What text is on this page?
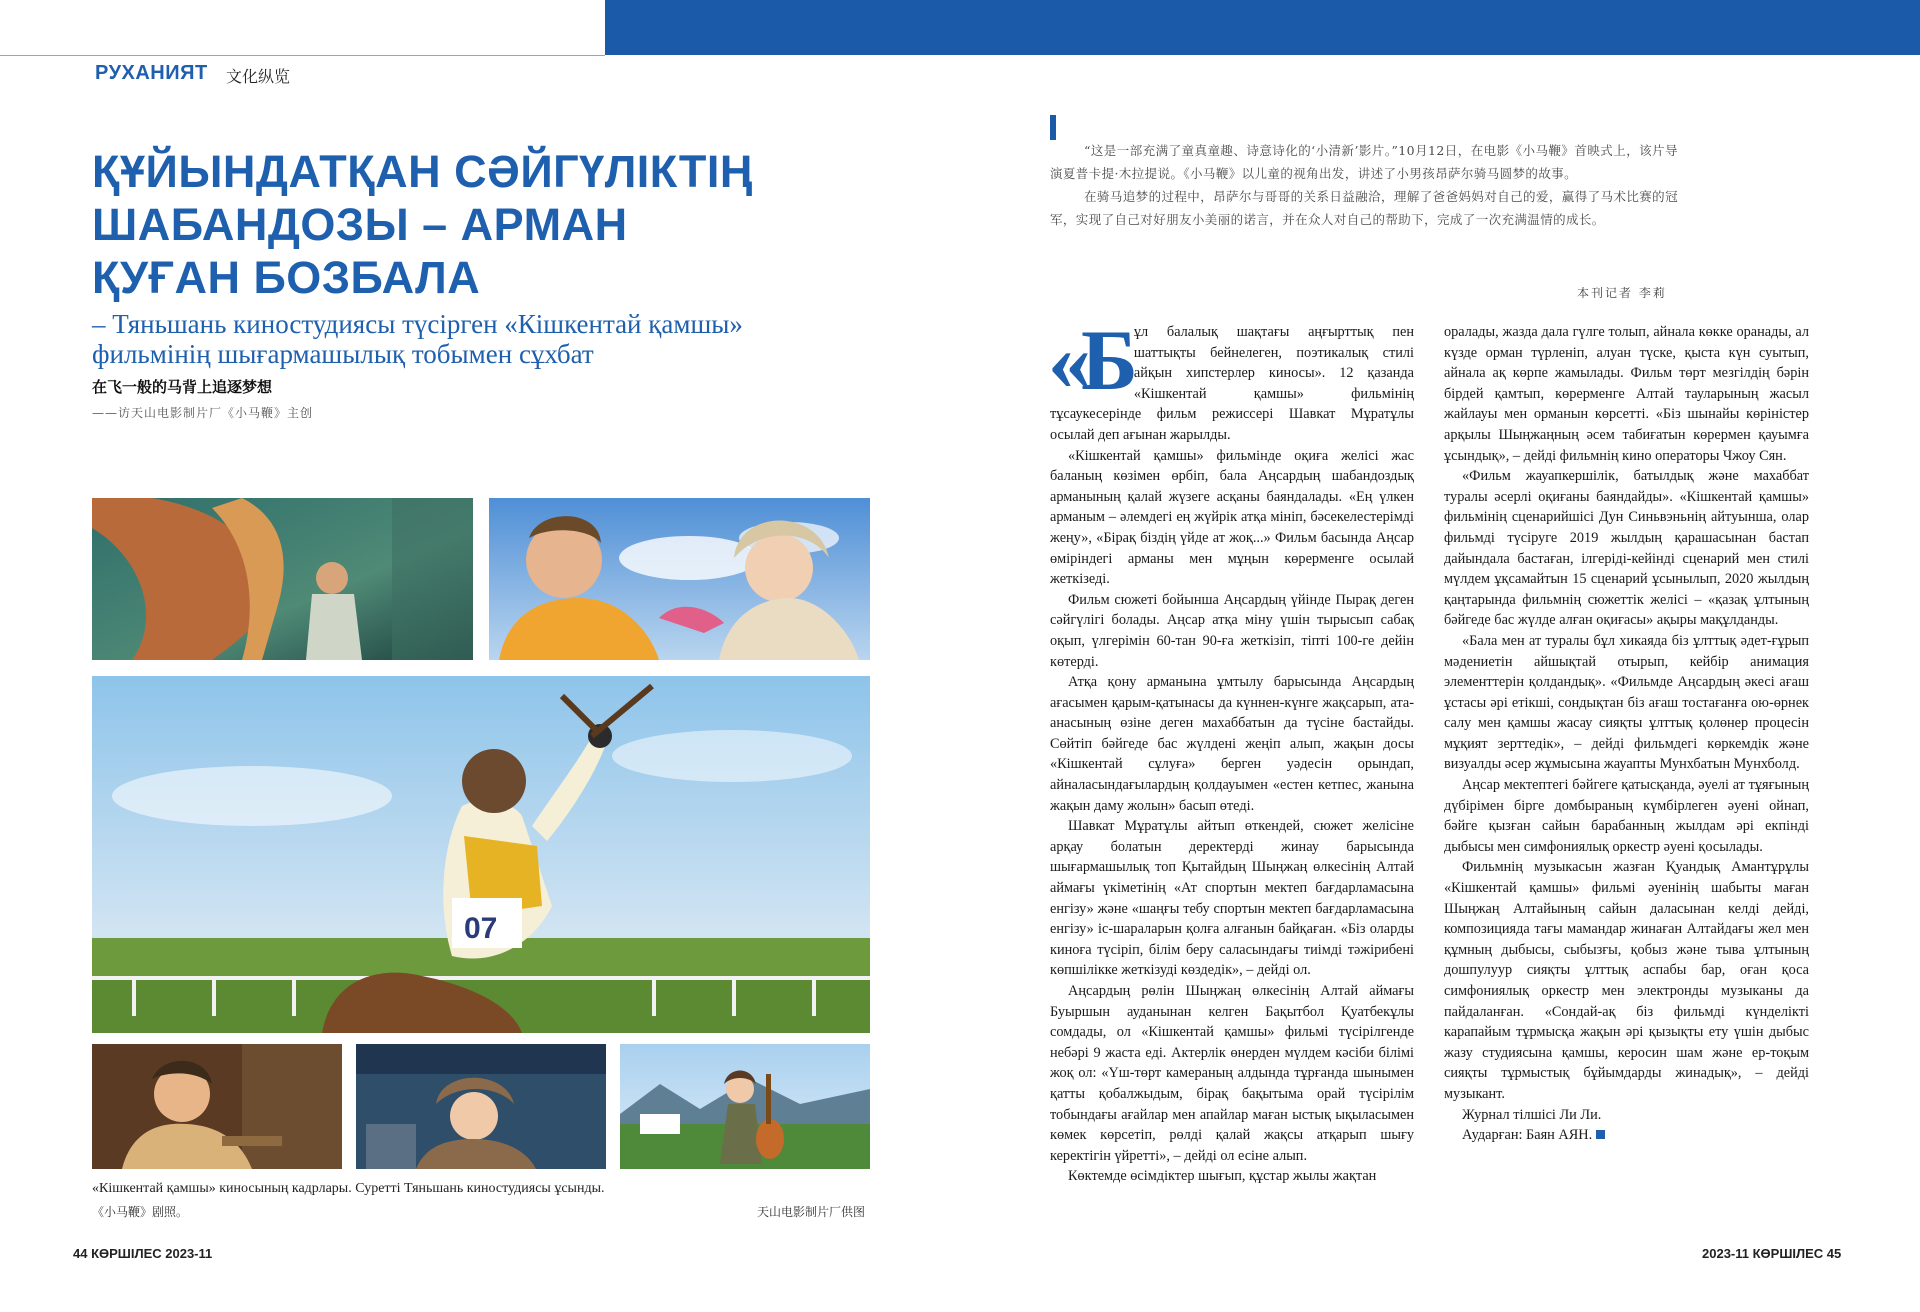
РУХАНИЯТ 文化纵览
ҚҰЙЫНДАТҚАН СӘЙГҮЛІКТІҢ
ШАБАНДОЗЫ – АРМАН
ҚУҒАН БОЗБАЛА
– Тяньшань киностудиясы түсірген «Кішкентай қамшы»
фильмінің шығармашылық тобымен сұхбат
在飞一般的马背上追逐梦想
——访天山电影制片厂《小马鞭》主创
07
«Кішкентай қамшы» киносының кадрлары. Суретті Тяньшань киностудиясы ұсынды.
《小马鞭》剧照。	天山电影制片厂供图
44 КӨРШІЛЕС 2023-11	2023-11 КӨРШІЛЕС 45
“这是一部充满了童真童趣、诗意诗化的‘小清新’影片。”10月12日，在电影《小马鞭》首映式上，该片导演夏普卡提·木拉提说。《小马鞭》以儿童的视角出发，讲述了小男孩昂萨尔骑马圆梦的故事。
在骑马追梦的过程中，昂萨尔与哥哥的关系日益融洽，理解了爸爸妈妈对自己的爱，赢得了马术比赛的冠军，实现了自己对好朋友小美丽的诺言，并在众人对自己的帮助下，完成了一次充满温情的成长。
本刊记者 李莉

«Бұл балалық шақтағы аңғырттық пен шаттықты бейнелеген, поэтикалық стилі айқын хипстерлер киносы». 12 қазанда «Кішкентай қамшы» фильмінің тұсаукесерінде фильм режиссері Шавкат Мұратұлы осылай деп ағынан жарылды.

«Кішкентай қамшы» фильмінде оқиға желісі жас баланың көзімен өрбіп, бала Аңсардың шабандоздық арманының қалай жүзеге асқаны баяндалады. «Ең үлкен арманым – әлемдегі ең жүйрік атқа мініп, бәсекелестерімді жеңу», «Бірақ біздің үйде ат жоқ...» Фильм басында Аңсар өміріндегі арманы мен мұңын көрерменге осылай жеткізеді.

Фильм сюжеті бойынша Аңсардың үйінде Пырақ деген сәйгүлігі болады. Аңсар атқа міну үшін тырысып сабақ оқып, үлгерімін 60-тан 90-ға жеткізіп, тіпті 100-ге дейін көтерді.

Атқа қону арманына ұмтылу барысында Аңсардың ағасымен қарым-қатынасы да күннен-күнге жақсарып, ата-анасының өзіне деген махаббатын да түсіне бастайды. Сөйтіп бәйгеде бас жүлдені жеңіп алып, жақын досы «Кішкентай сұлуға» берген уәдесін орындап, айналасындағылардың қолдауымен «естен кетпес, жанына жақын даму жолын» басып өтеді.

Шавкат Мұратұлы айтып өткендей, сюжет желісіне арқау болатын деректерді жинау барысында шығармашылық топ Қытайдың Шыңжаң өлкесінің Алтай аймағы үкіметінің «Ат спортын мектеп бағдарламасына енгізу» және «шаңғы тебу спортын мектеп бағдарламасына енгізу» іс-шараларын қолға алғанын байқаған. «Біз оларды киноға түсіріп, білім беру саласындағы тиімді тәжірибені көпшілікке жеткізуді көздедік», – дейді ол.

Аңсардың рөлін Шыңжаң өлкесінің Алтай аймағы Буыршын ауданынан келген Бақытбол Қуатбекұлы сомдады, ол «Кішкентай қамшы» фильмі түсірілгенде небәрі 9 жаста еді. Актерлік өнерден мүлдем кәсіби білімі жоқ ол: «Үш-төрт камераның алдында тұрғанда шынымен қатты қобалжыдым, бірақ бақытыма орай түсірілім тобындағы ағайлар мен апайлар маған ыстық ықыласымен көмек көрсетіп, рөлді қалай жақсы атқарып шығу керектігін үйретті», – дейді ол есіне алып.

Көктемде өсімдіктер шығып, құстар жылы жақтан

оралады, жазда дала гүлге толып, айнала көкке оранады, ал күзде орман түрленіп, алуан түске, қыста күн суытып, айнала ақ көрпе жамылады. Фильм төрт мезгілдің бәрін бірдей қамтып, көрерменге Алтай тауларының жасыл жайлауы мен орманын көрсетті. «Біз шынайы көріністер арқылы Шыңжаңның әсем табиғатын көрермен қауымға ұсындық», – дейді фильмнің кино операторы Чжоу Сян.

«Фильм жауапкершілік, батылдық және махаббат туралы әсерлі оқиғаны баяндайды». «Кішкентай қамшы» фильмінің сценарийшісі Дун Синьвэньнің айтуынша, олар фильмді түсіруге 2019 жылдың қарашасынан бастап дайындала бастаған, ілгеріді-кейінді сценарий мен стилі мүлдем ұқсамайтын 15 сценарий ұсынылып, 2020 жылдың қаңтарында фильмнің сюжеттік желісі – «қазақ ұлтының бәйгеде бас жүлде алған оқиғасы» ақыры мақұлданды.

«Бала мен ат туралы бұл хикаяда біз ұлттық әдет-ғұрып мәдениетін айшықтай отырып, кейбір анимация элементтерін қолдандық». «Фильмде Аңсардың әкесі ағаш ұстасы әрі етікші, сондықтан біз ағаш тостағанға ою-өрнек салу мен қамшы жасау сияқты ұлттық қолөнер процесін мұқият зерттедік», – дейді фильмдегі көркемдік және визуалды әсер жұмысына жауапты Мунхбатын Мунхболд.

Аңсар мектептегі бәйгеге қатысқанда, әуелі ат тұяғының дүбірімен бірге домбыраның күмбірлеген әуені ойнап, бәйге қызған сайын барабанның жылдам әрі екпінді дыбысы мен симфониялық оркестр әуені қосылады.

Фильмнің музыкасын жазған Қуандық Амантұрұлы «Кішкентай қамшы» фильмі әуенінің шабыты маған Шыңжаң Алтайының сайын даласынан келді дейді, композицияда тағы мамандар жинаған Алтайдағы жел мен құмның дыбысы, сыбызғы, қобыз және тыва ұлтының дошпулуур сияқты ұлттық аспабы бар, оған қоса симфониялық оркестр мен электронды музыканы да пайдаланған. «Сондай-ақ біз фильмді күнделікті карапайым тұрмысқа жақын әрі қызықты ету үшін дыбыс жазу студиясына қамшы, керосин шам және ер-тоқым сияқты тұрмыстық бұйымдарды жинадық», – дейді музыкант.

Журнал тілшісі Ли Ли.

Аударған: Баян АЯН.
